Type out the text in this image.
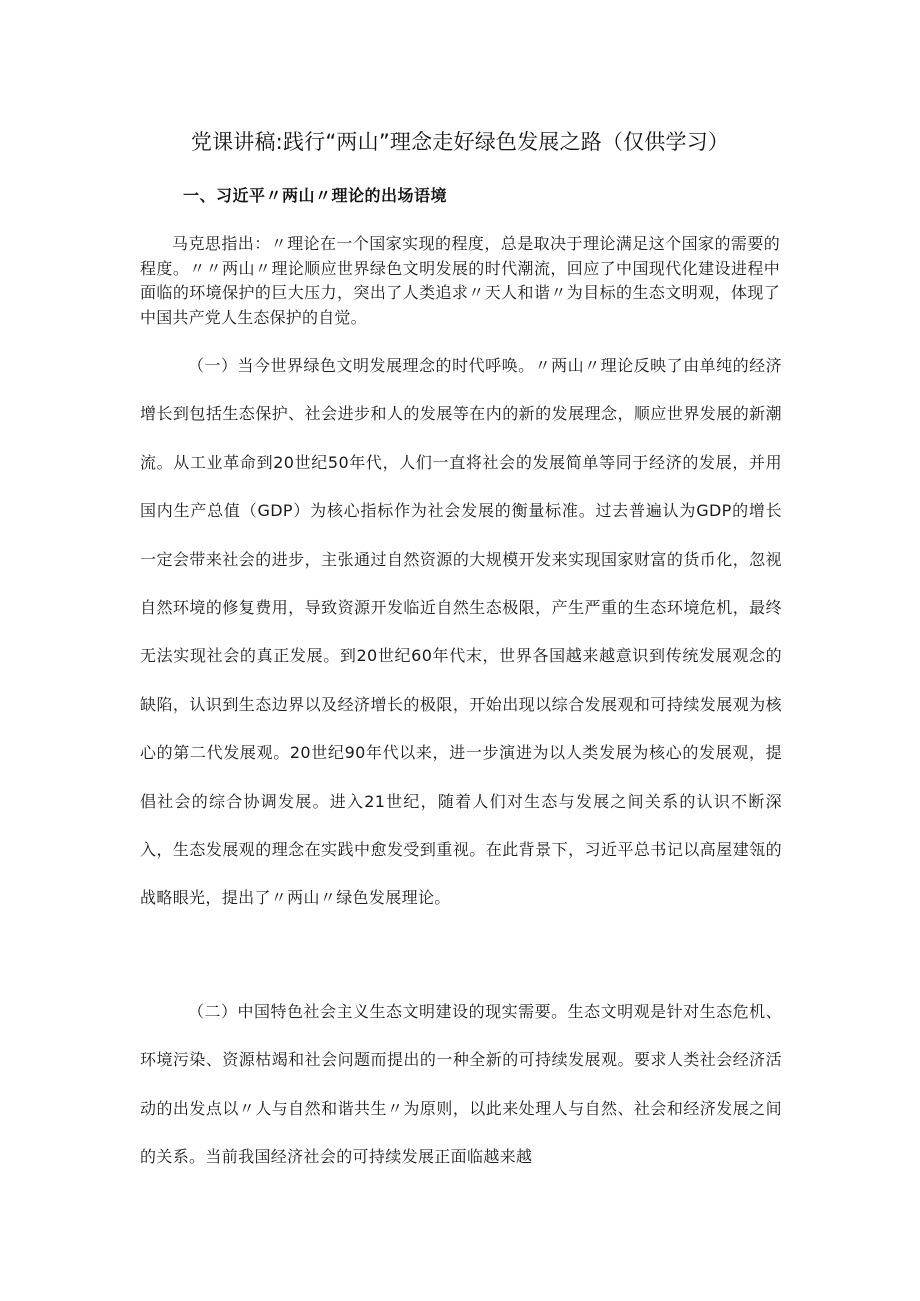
党课讲稿:践行“两山”理念走好绿色发展之路（仅供学习）
一、习近平〃两山〃理论的出场语境
马克思指出：〃理论在一个国家实现的程度，总是取决于理论满足这个国家的需要的程度。〃〃两山〃理论顺应世界绿色文明发展的时代潮流，回应了中国现代化建设进程中面临的环境保护的巨大压力，突出了人类追求〃天人和谐〃为目标的生态文明观，体现了中国共产党人生态保护的自觉。
（一）当今世界绿色文明发展理念的时代呼唤。〃两山〃理论反映了由单纯的经济增长到包括生态保护、社会进步和人的发展等在内的新的发展理念，顺应世界发展的新潮流。从工业革命到20世纪50年代，人们一直将社会的发展简单等同于经济的发展，并用国内生产总值（GDP）为核心指标作为社会发展的衡量标准。过去普遍认为GDP的增长一定会带来社会的进步，主张通过自然资源的大规模开发来实现国家财富的货币化，忽视自然环境的修复费用，导致资源开发临近自然生态极限，产生严重的生态环境危机，最终无法实现社会的真正发展。到20世纪60年代末，世界各国越来越意识到传统发展观念的缺陷，认识到生态边界以及经济增长的极限，开始出现以综合发展观和可持续发展观为核心的第二代发展观。20世纪90年代以来，进一步演进为以人类发展为核心的发展观，提倡社会的综合协调发展。进入21世纪，随着人们对生态与发展之间关系的认识不断深入，生态发展观的理念在实践中愈发受到重视。在此背景下，习近平总书记以高屋建瓴的战略眼光，提出了〃两山〃绿色发展理论。
（二）中国特色社会主义生态文明建设的现实需要。生态文明观是针对生态危机、环境污染、资源枯竭和社会问题而提出的一种全新的可持续发展观。要求人类社会经济活动的出发点以〃人与自然和谐共生〃为原则，以此来处理人与自然、社会和经济发展之间的关系。当前我国经济社会的可持续发展正面临越来越
